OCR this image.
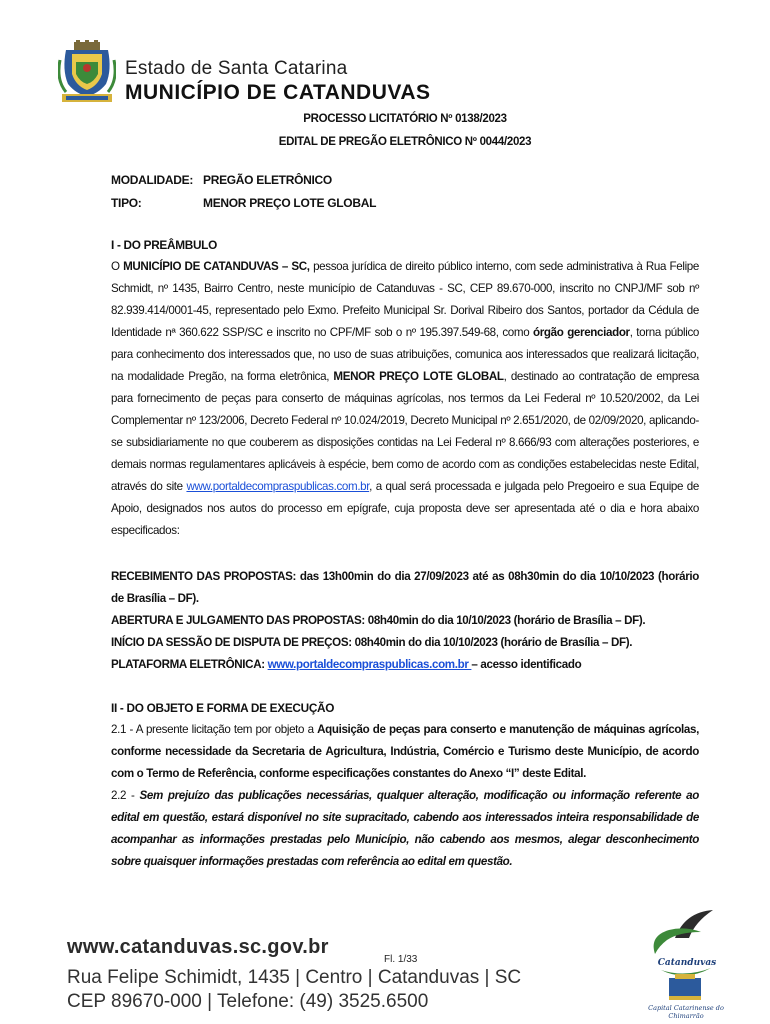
Estado de Santa Catarina
MUNICÍPIO DE CATANDUVAS
PROCESSO LICITATÓRIO Nº 0138/2023
EDITAL DE PREGÃO ELETRÔNICO Nº 0044/2023
MODALIDADE: PREGÃO ELETRÔNICO
TIPO:	MENOR PREÇO LOTE GLOBAL
I - DO PREÂMBULO

O MUNICÍPIO DE CATANDUVAS – SC, pessoa jurídica de direito público interno, com sede administrativa à Rua Felipe Schmidt, nº 1435, Bairro Centro, neste município de Catanduvas - SC, CEP 89.670-000, inscrito no CNPJ/MF sob nº 82.939.414/0001-45, representado pelo Exmo. Prefeito Municipal Sr. Dorival Ribeiro dos Santos, portador da Cédula de Identidade nª 360.622 SSP/SC e inscrito no CPF/MF sob o nº 195.397.549-68, como órgão gerenciador, torna público para conhecimento dos interessados que, no uso de suas atribuições, comunica aos interessados que realizará licitação, na modalidade Pregão, na forma eletrônica, MENOR PREÇO LOTE GLOBAL, destinado ao contratação de empresa para fornecimento de peças para conserto de máquinas agrícolas, nos termos da Lei Federal nº 10.520/2002, da Lei Complementar nº 123/2006, Decreto Federal nº 10.024/2019, Decreto Municipal nº 2.651/2020, de 02/09/2020, aplicando-se subsidiariamente no que couberem as disposições contidas na Lei Federal nº 8.666/93 com alterações posteriores, e demais normas regulamentares aplicáveis à espécie, bem como de acordo com as condições estabelecidas neste Edital, através do site www.portaldecompraspublicas.com.br, a qual será processada e julgada pelo Pregoeiro e sua Equipe de Apoio, designados nos autos do processo em epígrafe, cuja proposta deve ser apresentada até o dia e hora abaixo especificados:

RECEBIMENTO DAS PROPOSTAS: das 13h00min do dia 27/09/2023 até as 08h30min do dia 10/10/2023 (horário de Brasília – DF).

ABERTURA E JULGAMENTO DAS PROPOSTAS: 08h40min do dia 10/10/2023 (horário de Brasília – DF).

INÍCIO DA SESSÃO DE DISPUTA DE PREÇOS: 08h40min do dia 10/10/2023 (horário de Brasília – DF).

PLATAFORMA ELETRÔNICA: www.portaldecompraspublicas.com.br – acesso identificado

II - DO OBJETO E FORMA DE EXECUÇÃO

2.1 - A presente licitação tem por objeto a Aquisição de peças para conserto e manutenção de máquinas agrícolas, conforme necessidade da Secretaria de Agricultura, Indústria, Comércio e Turismo deste Município, de acordo com o Termo de Referência, conforme especificações constantes do Anexo “I” deste Edital.

2.2 - Sem prejuízo das publicações necessárias, qualquer alteração, modificação ou informação referente ao edital em questão, estará disponível no site supracitado, cabendo aos interessados inteira responsabilidade de acompanhar as informações prestadas pelo Município, não cabendo aos mesmos, alegar desconhecimento sobre quaisquer informações prestadas com referência ao edital em questão.

www.catanduvas.sc.gov.br
Fl. 1/33
Rua Felipe Schimidt, 1435 | Centro | Catanduvas | SC
CEP 89670-000 | Telefone: (49) 3525.6500
Catanduvas
Capital Catarinense do Chimarrão
